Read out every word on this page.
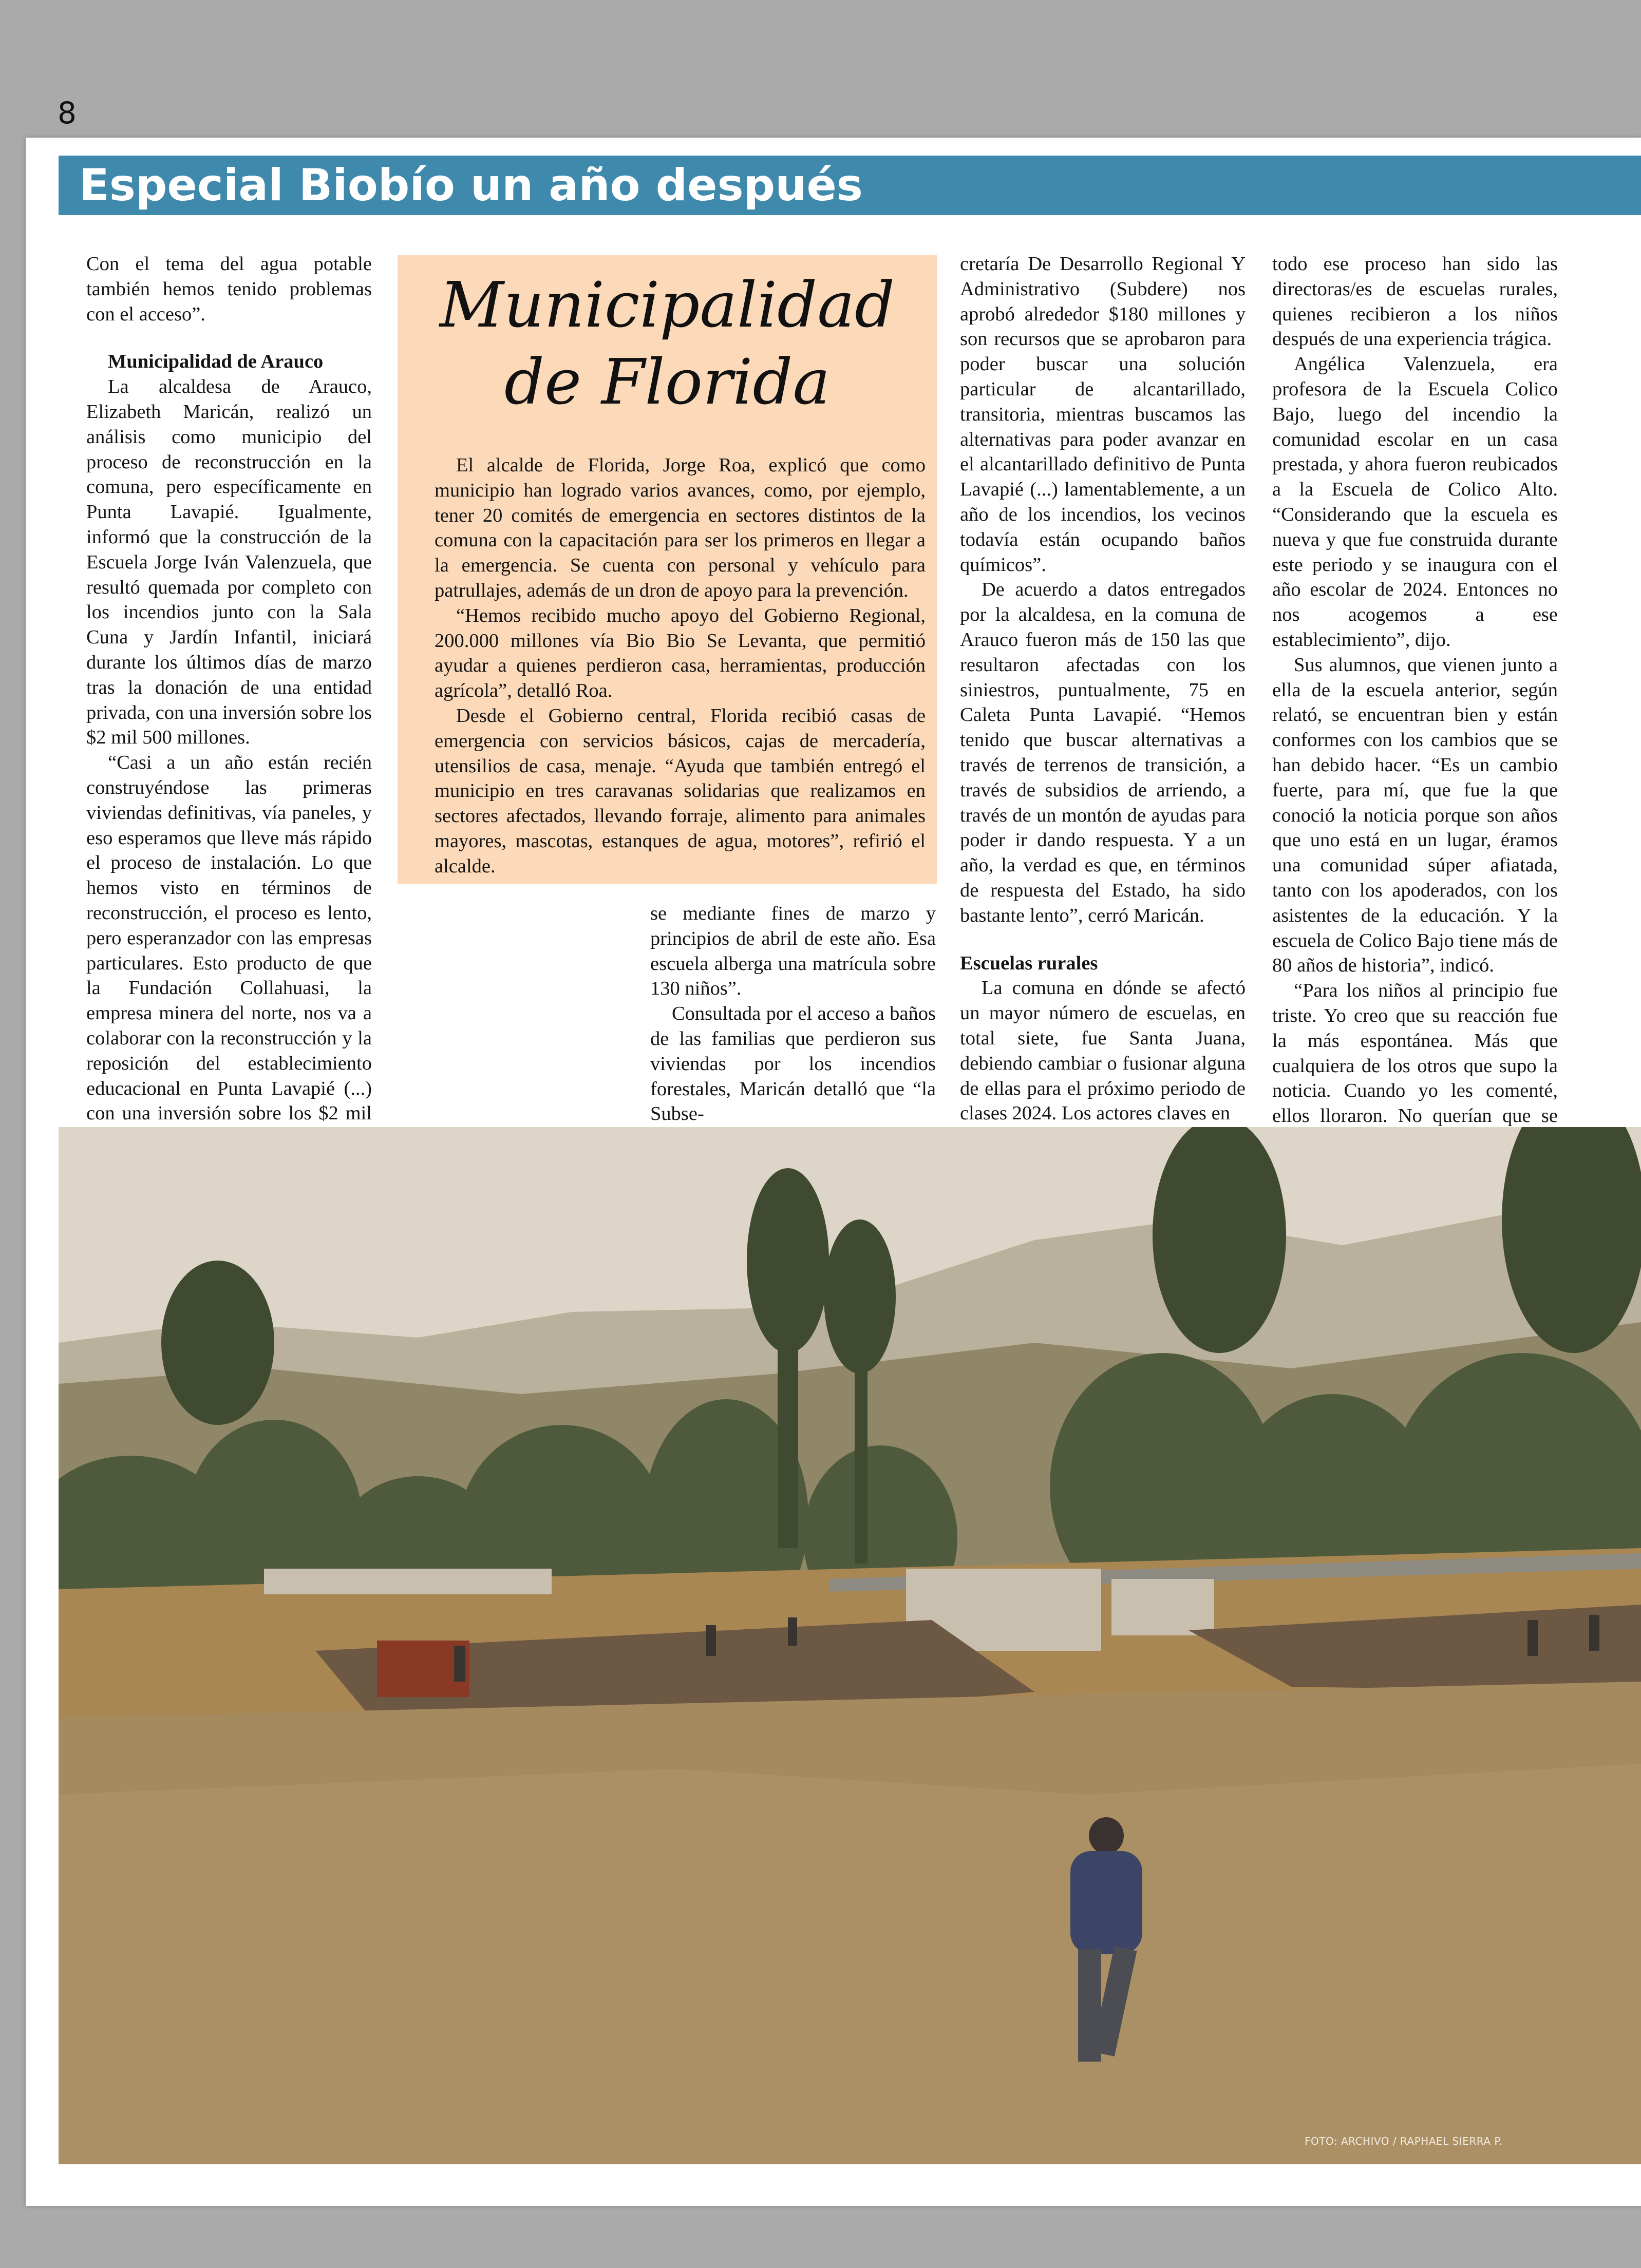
8
Especial Biobío un año después

Con el tema del agua potable también hemos tenido problemas con el acceso”.

Municipalidad de Arauco

La alcaldesa de Arauco, Elizabeth Maricán, realizó un análisis como municipio del proceso de reconstrucción en la comuna, pero específicamente en Punta Lavapié. Igualmente, informó que la construcción de la Escuela Jorge Iván Valenzuela, que resultó quemada por completo con los incendios junto con la Sala Cuna y Jardín Infantil, iniciará durante los últimos días de marzo tras la donación de una entidad privada, con una inversión sobre los $2 mil 500 millones.

“Casi a un año están recién construyéndose las primeras viviendas definitivas, vía paneles, y eso esperamos que lleve más rápido el proceso de instalación. Lo que hemos visto en términos de reconstrucción, el proceso es lento, pero esperanzador con las empresas particulares. Esto producto de que la Fundación Collahuasi, la empresa minera del norte, nos va a colaborar con la reconstrucción y la reposición del establecimiento educacional en Punta Lavapié (...) con una inversión sobre los $2 mil

Municipalidad
de Florida

El alcalde de Florida, Jorge Roa, explicó que como municipio han logrado varios avances, como, por ejemplo, tener 20 comités de emergencia en sectores distintos de la comuna con la capacitación para ser los primeros en llegar a la emergencia. Se cuenta con personal y vehículo para patrullajes, además de un dron de apoyo para la prevención.

“Hemos recibido mucho apoyo del Gobierno Regional, 200.000 millones vía Bio Bio Se Levanta, que permitió ayudar a quienes perdieron casa, herramientas, producción agrícola”, detalló Roa.

Desde el Gobierno central, Florida recibió casas de emergencia con servicios básicos, cajas de mercadería, utensilios de casa, menaje. “Ayuda que también entregó el municipio en tres caravanas solidarias que realizamos en sectores afectados, llevando forraje, alimento para animales mayores, mascotas, estanques de agua, motores”, refirió el alcalde.

se mediante fines de marzo y principios de abril de este año. Esa escuela alberga una matrícula sobre 130 niños”.

Consultada por el acceso a baños de las familias que perdieron sus viviendas por los incendios forestales, Maricán detalló que “la Subse-

cretaría De Desarrollo Regional Y Administrativo (Subdere) nos aprobó alrededor $180 millones y son recursos que se aprobaron para poder buscar una solución particular de alcantarillado, transitoria, mientras buscamos las alternativas para poder avanzar en el alcantarillado definitivo de Punta Lavapié (...) lamentablemente, a un año de los incendios, los vecinos todavía están ocupando baños químicos”.

De acuerdo a datos entregados por la alcaldesa, en la comuna de Arauco fueron más de 150 las que resultaron afectadas con los siniestros, puntualmente, 75 en Caleta Punta Lavapié. “Hemos tenido que buscar alternativas a través de terrenos de transición, a través de subsidios de arriendo, a través de un montón de ayudas para poder ir dando respuesta. Y a un año, la verdad es que, en términos de respuesta del Estado, ha sido bastante lento”, cerró Maricán.

Escuelas rurales

La comuna en dónde se afectó un mayor número de escuelas, en total siete, fue Santa Juana, debiendo cambiar o fusionar alguna de ellas para el próximo periodo de clases 2024. Los actores claves en

todo ese proceso han sido las directoras/es de escuelas rurales, quienes recibieron a los niños después de una experiencia trágica.

Angélica Valenzuela, era profesora de la Escuela Colico Bajo, luego del incendio la comunidad escolar en un casa prestada, y ahora fueron reubicados a la Escuela de Colico Alto. “Considerando que la escuela es nueva y que fue construida durante este periodo y se inaugura con el año escolar de 2024. Entonces no nos acogemos a ese establecimiento”, dijo.

Sus alumnos, que vienen junto a ella de la escuela anterior, según relató, se encuentran bien y están conformes con los cambios que se han debido hacer. “Es un cambio fuerte, para mí, que fue la que conoció la noticia porque son años que uno está en un lugar, éramos una comunidad súper afiatada, tanto con los apoderados, con los asistentes de la educación. Y la escuela de Colico Bajo tiene más de 80 años de historia”, indicó.

“Para los niños al principio fue triste. Yo creo que su reacción fue la más espontánea. Más que cualquiera de los otros que supo la noticia. Cuando yo les comenté, ellos lloraron. No querían que se

FOTO: ARCHIVO / RAPHAEL SIERRA P.
